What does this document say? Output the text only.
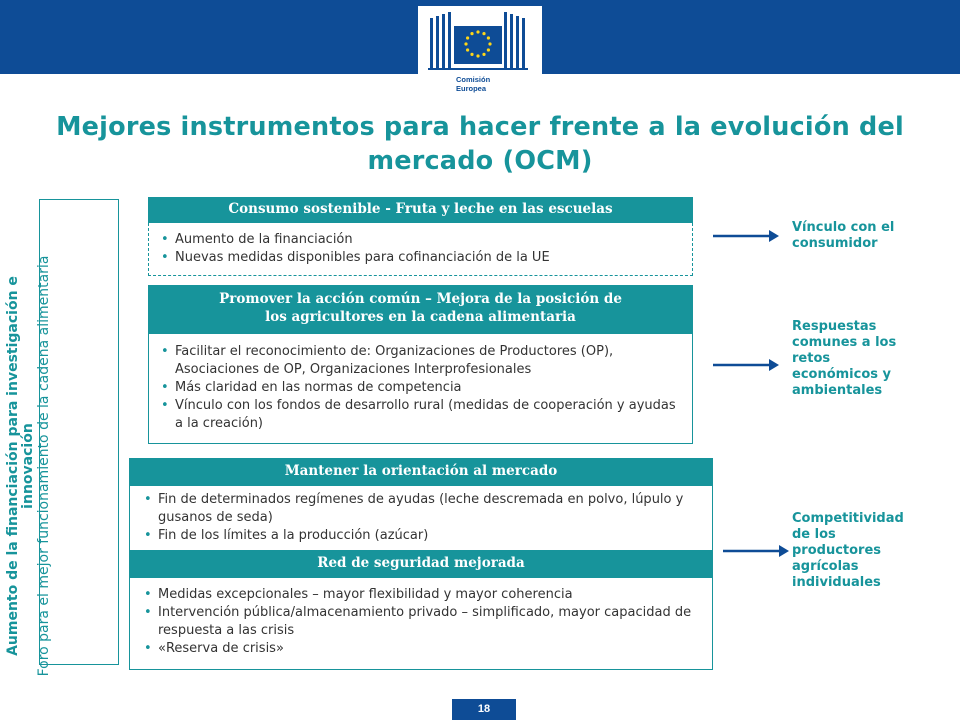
Comisión
Europea
Mejores instrumentos para hacer frente a la evolución del
mercado (OCM)
Aumento de la financiación para investigación e innovación Foro para el mejor funcionamiento de la cadena alimentaria
Consumo sostenible - Fruta y leche en las escuelas
• Aumento de la financiación
• Nuevas medidas disponibles para cofinanciación de la UE
Promover la acción común – Mejora de la posición de
los agricultores en la cadena alimentaria
• Facilitar el reconocimiento de: Organizaciones de Productores (OP), Asociaciones de OP, Organizaciones Interprofesionales
• Más claridad en las normas de competencia
• Vínculo con los fondos de desarrollo rural (medidas de cooperación y ayudas a la creación)
Mantener la orientación al mercado
• Fin de determinados regímenes de ayudas (leche descremada en polvo, lúpulo y gusanos de seda)
• Fin de los límites a la producción (azúcar)
Red de seguridad mejorada
• Medidas excepcionales – mayor flexibilidad y mayor coherencia
• Intervención pública/almacenamiento privado – simplificado, mayor capacidad de respuesta a las crisis
• «Reserva de crisis»
Vínculo con el
consumidor
Respuestas
comunes a los
retos
económicos y
ambientales
Competitividad
de los
productores
agrícolas
individuales
18
